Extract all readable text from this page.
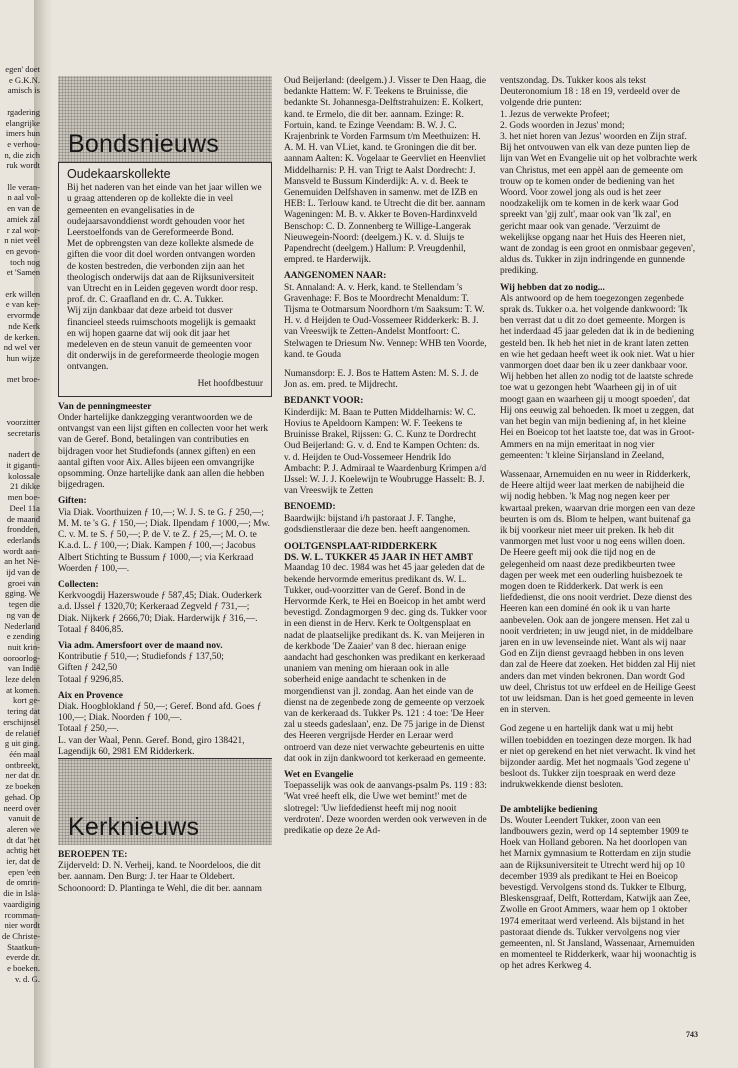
egen' doet
e G.K.N.
amisch is

rgadering
elangrijke
imers hun
e verhou-
n, die zich
ruk wordt

lle veran-
n aal vol-
en van de
amiek zal
r zal wor-
n niet veel
en gevon-
toch nog
et 'Samen

erk willen
e van ker-
ervormde
nde Kerk
de kerken.
nd wel ver
hun wijze

met broe-

voorzitter
secretaris

nadert de
it giganti-
kolossale
21 dikke
men boe-
Deel 11a
de maand
frondden,
ederlands
wordt aan-
an het Ne-
ijd van de
groei van
gging. We
tegen die
ng van de
Nederland
e zending
nuit krin-
ooroorlog-
van Indië
leze delen
at komen.
kort ge-
tering dat
erschijnsel
de relatief
g uit ging.
één maal
ontbreekt,
ner dat dr.
ze boeken
gehad. Op
neerd over
vanuit de
aleren we
dt dat 'het
achtig het
ier, dat de
epen 'een
de omrin-
die in Isla-
vaardiging
rcomman-
nier wordt
de Christe-
Staatkun-
everde dr.
e boeken.
v. d. G.
Bondsnieuws
Oudekaarskollekte

Bij het naderen van het einde van het jaar willen we u graag attenderen op de kollekte die in veel gemeenten en evangelisaties in de oudejaarsavonddienst wordt gehouden voor het Leerstoelfonds van de Gereformeerde Bond.

Met de opbrengsten van deze kollekte alsmede de giften die voor dit doel worden ontvangen worden de kosten bestreden, die verbonden zijn aan het theologisch onderwijs dat aan de Rijksuniversiteit van Utrecht en in Leiden gegeven wordt door resp. prof. dr. C. Graafland en dr. C. A. Tukker.

Wij zijn dankbaar dat deze arbeid tot dusver financieel steeds ruimschoots mogelijk is gemaakt en wij hopen gaarne dat wij ook dit jaar het medeleven en de steun vanuit de gemeenten voor dit onderwijs in de gereformeerde theologie mogen ontvangen.

Het hoofdbestuur
Van de penningmeester

Onder hartelijke dankzegging verantwoorden we de ontvangst van een lijst giften en collecten voor het werk van de Geref. Bond, betalingen van contributies en bijdragen voor het Studiefonds (annex giften) en een aantal giften voor Aix. Alles bijeen een omvangrijke opsomming. Onze hartelijke dank aan allen die hebben bijgedragen.

Giften:

Via Diak. Voorthuizen ƒ 10,—; W. J. S. te G. ƒ 250,—; M. M. te 's G. ƒ 150,—; Diak. Ilpendam ƒ 1000,—; Mw. C. v. M. te S. ƒ 50,—; P. de V. te Z. ƒ 25,—; M. O. te K.a.d. L. ƒ 100,—; Diak. Kampen ƒ 100,—; Jacobus Albert Stichting te Bussum ƒ 1000,—; via Kerkraad Woerden ƒ 100,—.

Collecten:

Kerkvoogdij Hazerswoude ƒ 587,45; Diak. Ouderkerk a.d. IJssel ƒ 1320,70; Kerkeraad Zegveld ƒ 731,—; Diak. Nijkerk ƒ 2666,70; Diak. Harderwijk ƒ 316,—.

Totaal ƒ 8406,85.

Via adm. Amersfoort over de maand nov.
Kontributie ƒ 510,—; Studiefonds ƒ 137,50;
Giften ƒ 242,50
Totaal ƒ 9296,85.
Aix en Provence

Diak. Hoogblokland ƒ 50,—; Geref. Bond afd. Goes ƒ 100,—; Diak. Noorden ƒ 100,—.

Totaal ƒ 250,—.

L. van der Waal, Penn. Geref. Bond, giro 138421, Lagendijk 60, 2981 EM Ridderkerk.

Kerknieuws
BEROEPEN TE:

Zijderveld: D. N. Verheij, kand. te Noordeloos, die dit ber. aannam. Den Burg: J. ter Haar te Oldebert. Schoonoord: D. Plantinga te Wehl, die dit ber. aannam

Oud Beijerland: (deelgem.) J. Visser te Den Haag, die bedankte Hattem: W. F. Teekens te Bruinisse, die bedankte St. Johannesga-Delftstrahuizen: E. Kolkert, kand. te Ermelo, die dit ber. aannam. Ezinge: R. Fortuin, kand. te Ezinge Veendam: B. W. J. C. Krajenbrink te Vorden Farmsum t/m Meethuizen: H. A. M. H. van VLiet, kand. te Groningen die dit ber. aannam Aalten: K. Vogelaar te Geervliet en Heenvliet Middelharnis: P. H. van Trigt te Aalst Dordrecht: J. Mansveld te Bussum Kinderdijk: A. v. d. Beek te Genemuiden Delfshaven in samenw. met de IZB en HEB: L. Terlouw kand. te Utrecht die dit ber. aannam Wageningen: M. B. v. Akker te Boven-Hardinxveld Benschop: C. D. Zonnenberg te Willige-Langerak Nieuwegein-Noord: (deelgem.) K. v. d. Sluijs te Papendrecht (deelgem.) Hallum: P. Vreugdenhil, empred. te Harderwijk.

AANGENOMEN NAAR:

St. Annaland: A. v. Herk, kand. te Stellendam 's Gravenhage: F. Bos te Moordrecht Menaldum: T. Tijsma te Ootmarsum Noordhorn t/m Saaksum: T. W. H. v. d Heijden te Oud-Vossemeer Ridderkerk: B. J. van Vreeswijk te Zetten-Andelst Montfoort: C. Stelwagen te Driesum Nw. Vennep: WHB ten Voorde, kand. te Gouda

Numansdorp: E. J. Bos te Hattem Asten: M. S. J. de Jon as. em. pred. te Mijdrecht.

BEDANKT VOOR:

Kinderdijk: M. Baan te Putten Middelharnis: W. C. Hovius te Apeldoorn Kampen: W. F. Teekens te Bruinisse Brakel, Rijssen: G. C. Kunz te Dordrecht Oud Beijerland: G. v. d. End te Kampen Ochten: ds. v. d. Heijden te Oud-Vossemeer Hendrik Ido Ambacht: P. J. Admiraal te Waardenburg Krimpen a/d IJssel: W. J. J. Koelewijn te Woubrugge Hasselt: B. J. van Vreeswijk te Zetten

BENOEMD:

Baardwijk: bijstand i/h pastoraat J. F. Tanghe, godsdienstleraar die deze ben. heeft aangenomen.

OOLTGENSPLAAT-RIDDERKERK
DS. W. L. TUKKER 45 JAAR IN HET AMBT

Maandag 10 dec. 1984 was het 45 jaar geleden dat de bekende hervormde emeritus predikant ds. W. L. Tukker, oud-voorzitter van de Geref. Bond in de Hervormde Kerk, te Hei en Boeicop in het ambt werd bevestigd. Zondagmorgen 9 dec. ging ds. Tukker voor in een dienst in de Herv. Kerk te Ooltgensplaat en nadat de plaatselijke predikant ds. K. van Meijeren in de kerkbode 'De Zaaier' van 8 dec. hieraan enige aandacht had geschonken was predikant en kerkeraad unaniem van mening om hieraan ook in alle soberheid enige aandacht te schenken in de morgendienst van jl. zondag. Aan het einde van de dienst na de zegenbede zong de gemeente op verzoek van de kerkeraad ds. Tukker Ps. 121 : 4 toe: 'De Heer zal u steeds gadeslaan', enz. De 75 jarige in de Dienst des Heeren vergrijsde Herder en Leraar werd ontroerd van deze niet verwachte gebeurtenis en uitte dat ook in zijn dankwoord tot kerkeraad en gemeente.

Wet en Evangelie

Toepasselijk was ook de aanvangs-psalm Ps. 119 : 83: 'Wat vreé heeft elk, die Uwe wet bemint!' met de slotregel: 'Uw liefdedienst heeft mij nog nooit verdroten'. Deze woorden werden ook verweven in de predikatie op deze 2e Ad-

ventszondag. Ds. Tukker koos als tekst Deuteronomium 18 : 18 en 19, verdeeld over de volgende drie punten:

1. Jezus de verwekte Profeet;
2. Gods woorden in Jezus' mond;
3. het niet horen van Jezus' woorden en Zijn straf.

Bij het ontvouwen van elk van deze punten liep de lijn van Wet en Evangelie uit op het volbrachte werk van Christus, met een appèl aan de gemeente om trouw op te komen onder de bediening van het Woord. Voor zowel jong als oud is het zeer noodzakelijk om te komen in de kerk waar God spreekt van 'gij zult', maar ook van 'Ik zal', en gericht maar ook van genade. 'Verzuimt de wekelijkse opgang naar het Huis des Heeren niet, want de zondag is een groot en onmisbaar gegeven', aldus ds. Tukker in zijn indringende en gunnende prediking.

Wij hebben dat zo nodig...

Als antwoord op de hem toegezongen zegenbede sprak ds. Tukker o.a. het volgende dankwoord: 'Ik ben verrast dat u dit zo doet gemeente. Morgen is het inderdaad 45 jaar geleden dat ik in de bediening gesteld ben. Ik heb het niet in de krant laten zetten en wie het gedaan heeft weet ik ook niet. Wat u hier vanmorgen doet daar ben ik u zeer dankbaar voor. Wij hebben het allen zo nodig tot de laatste schrede toe wat u gezongen hebt 'Waarheen gij in of uit moogt gaan en waarheen gij u moogt spoeden', dat Hij ons eeuwig zal behoeden. Ik moet u zeggen, dat van het begin van mijn bediening af, in het kleine Hei en Boeicop tot het laatste toe, dat was in Groot-Ammers en na mijn emeritaat in nog vier gemeenten: 't kleine Sirjansland in Zeeland,

Wassenaar, Arnemuiden en nu weer in Ridderkerk, de Heere altijd weer laat merken de nabijheid die wij nodig hebben. 'k Mag nog negen keer per kwartaal preken, waarvan drie morgen een van deze beurten is om ds. Blom te helpen, want buitenaf ga ik bij voorkeur niet meer uit preken. Ik heb dit vanmorgen met lust voor u nog eens willen doen. De Heere geeft mij ook die tijd nog en de gelegenheid om naast deze predikbeurten twee dagen per week met een ouderling huisbezoek te mogen doen te Ridderkerk. Dat werk is een liefdedienst, die ons nooit verdriet. Deze dienst des Heeren kan een dominé én ook ik u van harte aanbevelen. Ook aan de jongere mensen. Het zal u nooit verdrieten; in uw jeugd niet, in de middelbare jaren en in uw levenseinde niet. Want als wij naar God en Zijn dienst gevraagd hebben in ons leven dan zal de Heere dat zoeken. Het bidden zal Hij niet anders dan met vinden bekronen. Dan wordt God uw deel, Christus tot uw erfdeel en de Heilige Geest tot uw leidsman. Dan is het goed gemeente in leven en in sterven.

God zegene u en hartelijk dank wat u mij hebt willen toebidden en toezingen deze morgen. Ik had er niet op gerekend en het niet verwacht. Ik vind het bijzonder aardig. Met het nogmaals 'God zegene u' besloot ds. Tukker zijn toespraak en werd deze indrukwekkende dienst besloten.

De ambtelijke bediening

Ds. Wouter Leendert Tukker, zoon van een landbouwers gezin, werd op 14 september 1909 te Hoek van Holland geboren. Na het doorlopen van het Marnix gymnasium te Rotterdam en zijn studie aan de Rijksuniversiteit te Utrecht werd hij op 10 december 1939 als predikant te Hei en Boeicop bevestigd. Vervolgens stond ds. Tukker te Elburg, Bleskensgraaf, Delft, Rotterdam, Katwijk aan Zee, Zwolle en Groot Ammers, waar hem op 1 oktober 1974 emeritaat werd verleend. Als bijstand in het pastoraat diende ds. Tukker vervolgens nog vier gemeenten, nl. St Jansland, Wassenaar, Arnemuiden en momenteel te Ridderkerk, waar hij woonachtig is op het adres Kerkweg 4.

743
